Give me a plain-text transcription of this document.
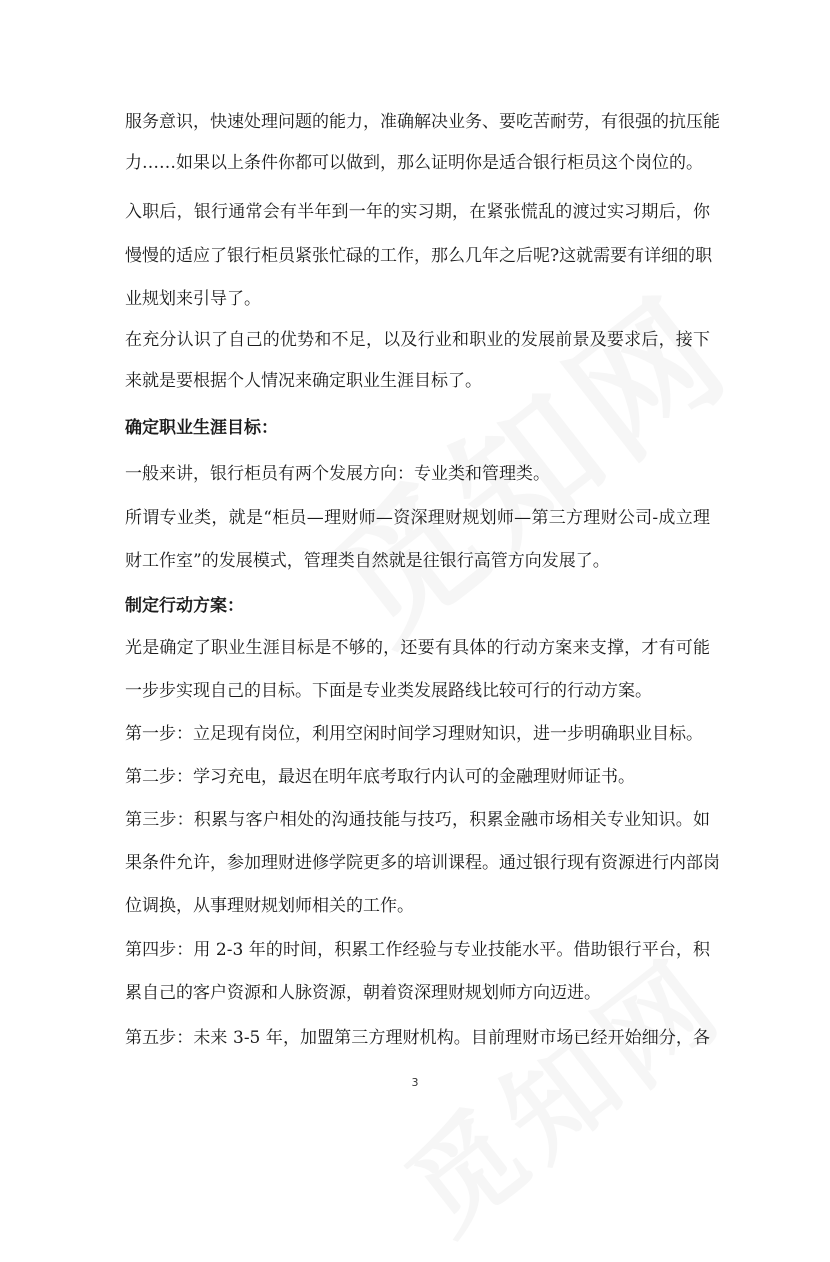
服务意识，快速处理问题的能力，准确解决业务、要吃苦耐劳，有很强的抗压能
力……如果以上条件你都可以做到，那么证明你是适合银行柜员这个岗位的。
入职后，银行通常会有半年到一年的实习期，在紧张慌乱的渡过实习期后，你
慢慢的适应了银行柜员紧张忙碌的工作，那么几年之后呢?这就需要有详细的职
业规划来引导了。
在充分认识了自己的优势和不足，以及行业和职业的发展前景及要求后，接下
来就是要根据个人情况来确定职业生涯目标了。
确定职业生涯目标：
一般来讲，银行柜员有两个发展方向：专业类和管理类。
所谓专业类，就是“柜员—理财师—资深理财规划师—第三方理财公司-成立理
财工作室”的发展模式，管理类自然就是往银行高管方向发展了。
制定行动方案：
光是确定了职业生涯目标是不够的，还要有具体的行动方案来支撑，才有可能
一步步实现自己的目标。下面是专业类发展路线比较可行的行动方案。
第一步：立足现有岗位，利用空闲时间学习理财知识，进一步明确职业目标。
第二步：学习充电，最迟在明年底考取行内认可的金融理财师证书。
第三步：积累与客户相处的沟通技能与技巧，积累金融市场相关专业知识。如
果条件允许，参加理财进修学院更多的培训课程。通过银行现有资源进行内部岗
位调换，从事理财规划师相关的工作。
第四步：用 2-3 年的时间，积累工作经验与专业技能水平。借助银行平台，积
累自己的客户资源和人脉资源，朝着资深理财规划师方向迈进。
第五步：未来 3-5 年，加盟第三方理财机构。目前理财市场已经开始细分，各
3
